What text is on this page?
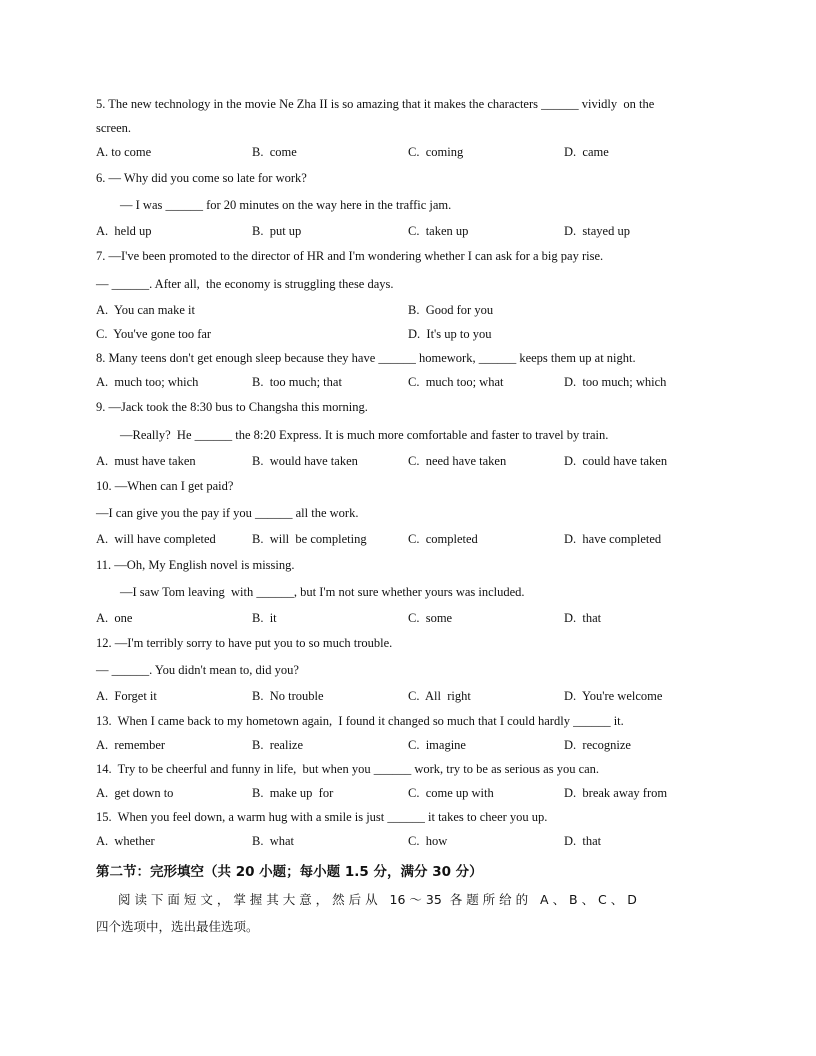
5. The new technology in the movie Ne Zha II is so amazing that it makes the characters ______ vividly  on the
screen.
A. to come	B.  come	C.  coming	D.  came
6. — Why did you come so late for work?
— I was ______ for 20 minutes on the way here in the traffic jam.
A.  held up	B.  put up	C.  taken up	D.  stayed up
7. —I've been promoted to the director of HR and I'm wondering whether I can ask for a big pay rise.
— ______. After all,  the economy is struggling these days.
A.  You can make it	B.  Good for you
C.  You've gone too far	D.  It's up to you
8. Many teens don't get enough sleep because they have ______ homework, ______ keeps them up at night.
A.  much too; which	B.  too much; that	C.  much too; what	D.  too much; which
9. —Jack took the 8:30 bus to Changsha this morning.
—Really?  He ______ the 8:20 Express. It is much more comfortable and faster to travel by train.
A.  must have taken	B.  would have taken	C.  need have taken	D.  could have taken
10. —When can I get paid?
—I can give you the pay if you ______ all the work.
A.  will have completed	B.  will  be completing	C.  completed	D.  have completed
11. —Oh, My English novel is missing.
—I saw Tom leaving  with ______, but I'm not sure whether yours was included.
A.  one	B.  it	C.  some	D.  that
12. —I'm terribly sorry to have put you to so much trouble.
— ______. You didn't mean to, did you?
A.  Forget it	B.  No trouble	C.  All  right	D.  You're welcome
13.  When I came back to my hometown again,  I found it changed so much that I could hardly ______ it.
A.  remember	B.  realize	C.  imagine	D.  recognize
14.  Try to be cheerful and funny in life,  but when you ______ work, try to be as serious as you can.
A.  get down to	B.  make up  for	C.  come up with	D.  break away from
15.  When you feel down, a warm hug with a smile is just ______ it takes to cheer you up.
A.  whether	B.  what	C.  how	D.  that
第二节：完形填空（共 20 小题；每小题 1.5 分，满分 30 分）
阅 读 下 面 短 文 ， 掌 握 其 大 意 ， 然 后 从   16 ～ 35  各 题 所 给 的   A 、 B 、 C 、 D
四个选项中，选出最佳选项。
